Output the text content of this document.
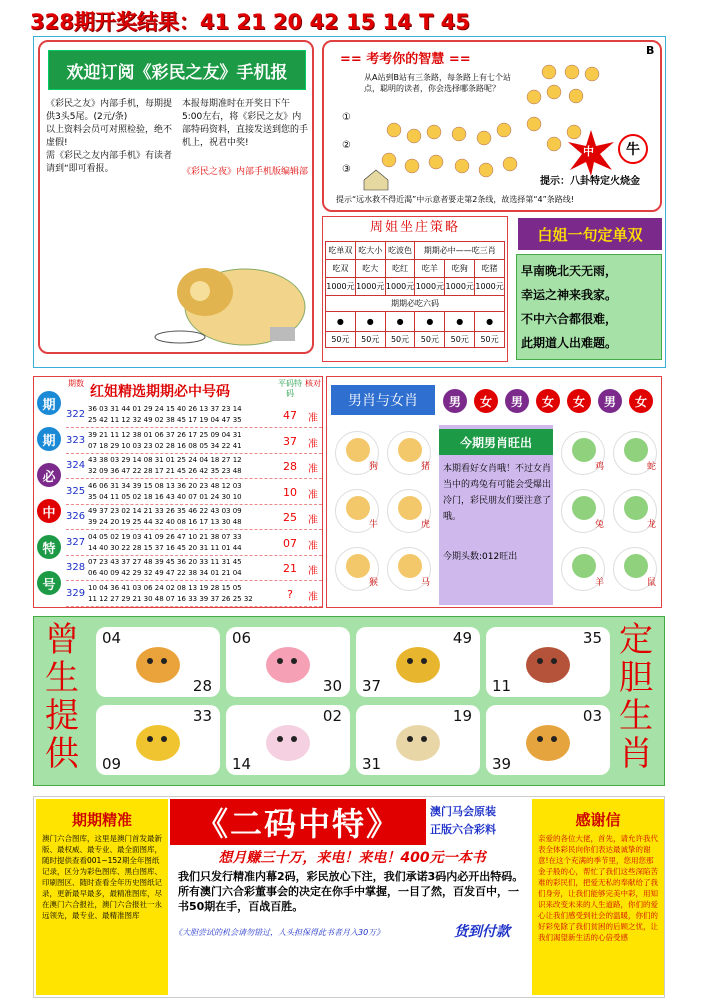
328期开奖结果：41 21 20 42 15 14 T 45
欢迎订阅《彩民之友》手机报
《彩民之友》内部手机，每期提供3头5尾。(2元/条)
以上资料会员可对照检验，绝不虚假!
需《彩民之友内部手机》有读者请到“即可看报。
本报每期准时在开奖日下午5:00左右，将《彩民之友》内部特码资料，直接发送到您的手机上，祝君中奖!
《彩民之夜》内部手机版编辑部
== 考考你的智慧 ==
B
从A站到B站有三条路，每条路上有七个站点，聪明的读者，你会选择哪条路呢？
①
②
③
中	牛
提示：八卦特定火烧金
提示“远水救不得近渴”中示意者要走第2条线，故选择第“4”条路线!
周姐坐庄策略
吃单双	吃大小	吃波色	期期必中——吃三肖		
吃双	吃大	吃红	吃羊	吃狗	吃猪
1000元	1000元	1000元	1000元	1000元	1000元
期期必吃六码					
●	●	●	●	●	●
50元	50元	50元	50元	50元	50元
白姐一句定单双
早南晚北天无雨，
幸运之神来我家。
不中六合都很难，
此期道人出难题。
期
期
必
中
特
号
期数
红姐精选期期必中号码
平码特码
核对
322 36 03 31 44 01 29 24 15 40 26 13 37 23 14
25 42 11 12 32 49 02 38 45 17 19 04 47 35	47	准
323 39 21 11 12 38 01 06 37 26 17 25 09 04 31
07 18 29 10 03 23 02 28 16 08 05 34 22 41	37	准
324 43 38 03 29 14 08 31 01 25 24 04 18 27 12
32 09 36 47 22 28 17 21 45 26 42 35 23 48	28	准
325 46 06 31 34 39 15 08 13 36 20 23 48 12 03
35 04 11 05 02 18 16 43 40 07 01 24 30 10	10	准
326 49 37 23 02 14 21 33 26 35 46 22 43 03 09
39 24 20 19 25 44 32 40 08 16 17 13 30 48	25	准
327 04 05 02 19 03 41 09 26 47 10 21 38 07 33
14 40 30 22 28 15 37 16 45 20 31 11 01 44	07	准
328 07 23 43 37 27 48 39 45 36 20 33 11 31 45
06 40 09 42 29 32 49 47 22 38 34 01 21 04	21	准
329 10 04 36 41 03 06 24 02 08 13 19 28 15 05
11 12 27 29 21 30 48 07 16 33 39 37 26 25 32	?	准
男肖与女肖	男	女	男	女	女	男	女
今期男肖旺出
本期看好女肖哦！不过女肖当中的鸡兔有可能会受爆出冷门，彩民朋友们要注意了哦。
今期头数:012旺出
狗	猪
牛	虎
猴	马
鸡	蛇
兔	龙
羊	鼠
曾
生
提
供
定
胆
生
肖
04
28
06
30
49
37
35
11
33
09
02
14
19
31
03
39
期期精准
澳门六合图库，这里是澳门首发最新版、最权威、最专业、最全面图库，随时提供查看001~152期全年图纸记录，区分为彩色图库、黑白图库、印刷图区、随时查看全年历史图纸记录，更新最早最多，最精准图库，尽在澳门六合报社，澳门六合报社一永远领先，最专业、最精准图库
《二码中特》	澳门马会原装
正版六合彩料
想月赚三十万，来电！来电！400元一本书
我们只发行精准内幕2码，彩民放心下注，我们承诺3码内必开出特码。所有澳门六合彩董事会的决定在你手中掌握，一目了然，百发百中，一书50期在手，百战百胜。
《大胆尝试的机会请勿错过，人头担保得此书者月入30万》	货到付款
感谢信
亲爱的各位大佬，首先，请允许我代表全体彩民向你们表达最诚挚的谢意!在这个充满的季节里，您用您那金子般的心，帮忙了我们这些深陷苦难的彩民们，把爱无私的奉献给了我们身旁，让我们能够完美中彩，用知识来改变未来的人生道路，你们的爱心让我们感受到社会的温暖，你们的好彩免除了我们贫困的后顾之忧，让我们渴望新生活的心倍受感
